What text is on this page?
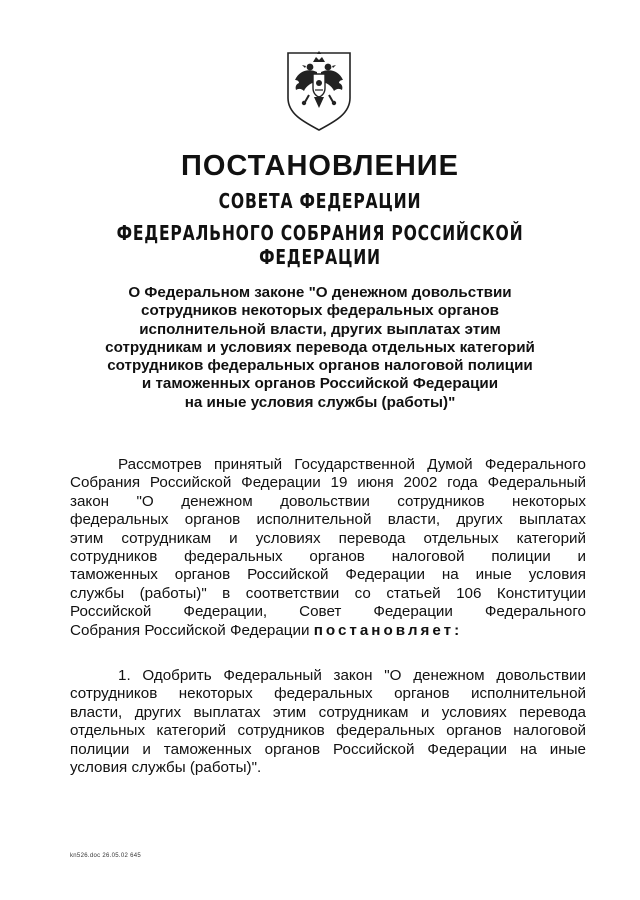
ПОСТАНОВЛЕНИЕ
СОВЕТА ФЕДЕРАЦИИ
ФЕДЕРАЛЬНОГО СОБРАНИЯ РОССИЙСКОЙ ФЕДЕРАЦИИ
О Федеральном законе "О денежном довольствии
сотрудников некоторых федеральных органов
исполнительной власти, других выплатах этим
сотрудникам и условиях перевода отдельных категорий
сотрудников федеральных органов налоговой полиции
и таможенных органов Российской Федерации
на иные условия службы (работы)"
Рассмотрев принятый Государственной Думой Федерального
Собрания Российской Федерации 19 июня 2002 года Федеральный
закон "О денежном довольствии сотрудников некоторых
федеральных органов исполнительной власти, других выплатах
этим сотрудникам и условиях перевода отдельных категорий
сотрудников федеральных органов налоговой полиции и
таможенных органов Российской Федерации на иные условия
службы (работы)" в соответствии со статьей 106 Конституции
Российской Федерации, Совет Федерации Федерального
Собрания Российской Федерации постановляет:
1. Одобрить Федеральный закон "О денежном довольствии
сотрудников некоторых федеральных органов исполнительной
власти, других выплатах этим сотрудникам и условиях перевода
отдельных категорий сотрудников федеральных органов налоговой
полиции и таможенных органов Российской Федерации на иные
условия службы (работы)".
kn526.doc 26.05.02 645
